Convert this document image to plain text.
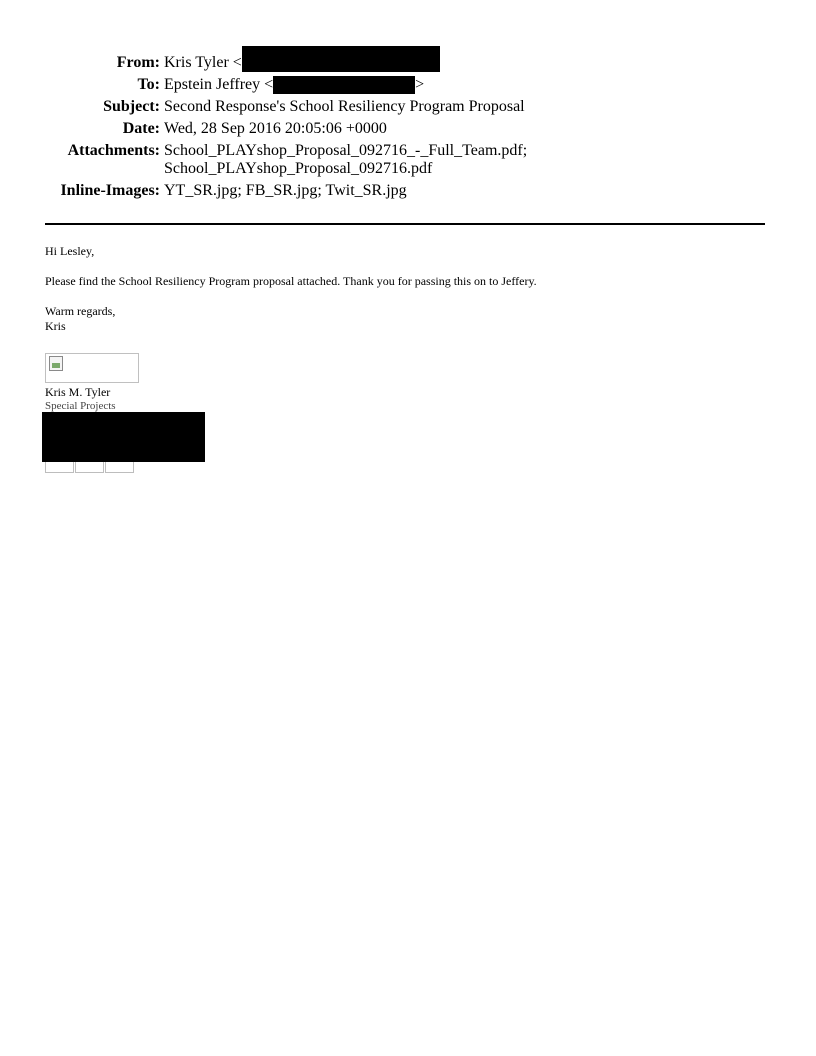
From:	Kris Tyler <
To:	Epstein Jeffrey < >
Subject:	Second Response's School Resiliency Program Proposal
Date:	Wed, 28 Sep 2016 20:05:06 +0000
Attachments:	School_PLAYshop_Proposal_092716_-_Full_Team.pdf;
School_PLAYshop_Proposal_092716.pdf

Inline-Images:	YT_SR.jpg; FB_SR.jpg; Twit_SR.jpg
Hi Lesley,
Please find the School Resiliency Program proposal attached. Thank you for passing this on to Jeffery.
Warm regards,
Kris
Kris M. Tyler
Special Projects
